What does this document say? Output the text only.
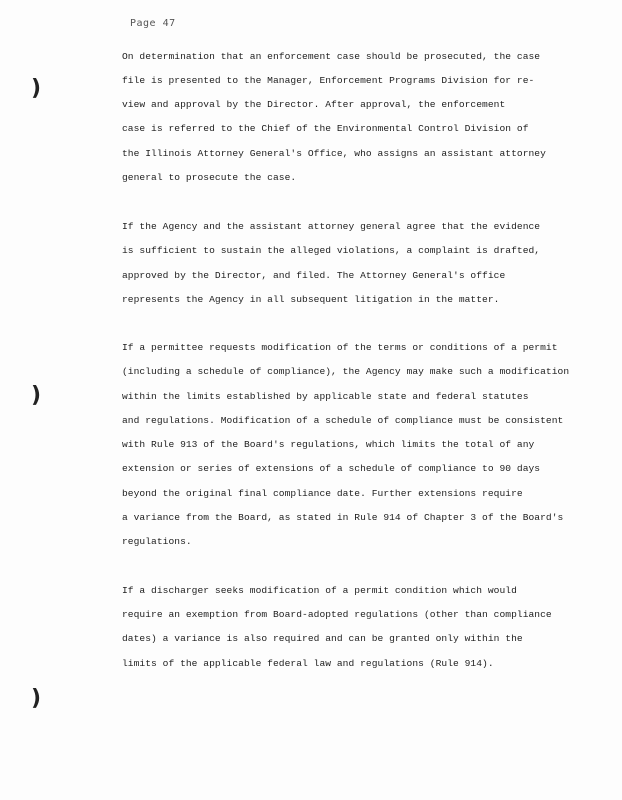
Page 47
)
)
)
On determination that an enforcement case should be prosecuted, the case
file is presented to the Manager, Enforcement Programs Division for re-
view and approval by the Director. After approval, the enforcement
case is referred to the Chief of the Environmental Control Division of
the Illinois Attorney General's Office, who assigns an assistant attorney
general to prosecute the case.
If the Agency and the assistant attorney general agree that the evidence
is sufficient to sustain the alleged violations, a complaint is drafted,
approved by the Director, and filed. The Attorney General's office
represents the Agency in all subsequent litigation in the matter.
If a permittee requests modification of the terms or conditions of a permit
(including a schedule of compliance), the Agency may make such a modification
within the limits established by applicable state and federal statutes
and regulations. Modification of a schedule of compliance must be consistent
with Rule 913 of the Board's regulations, which limits the total of any
extension or series of extensions of a schedule of compliance to 90 days
beyond the original final compliance date. Further extensions require
a variance from the Board, as stated in Rule 914 of Chapter 3 of the Board's
regulations.
If a discharger seeks modification of a permit condition which would
require an exemption from Board-adopted regulations (other than compliance
dates) a variance is also required and can be granted only within the
limits of the applicable federal law and regulations (Rule 914).
